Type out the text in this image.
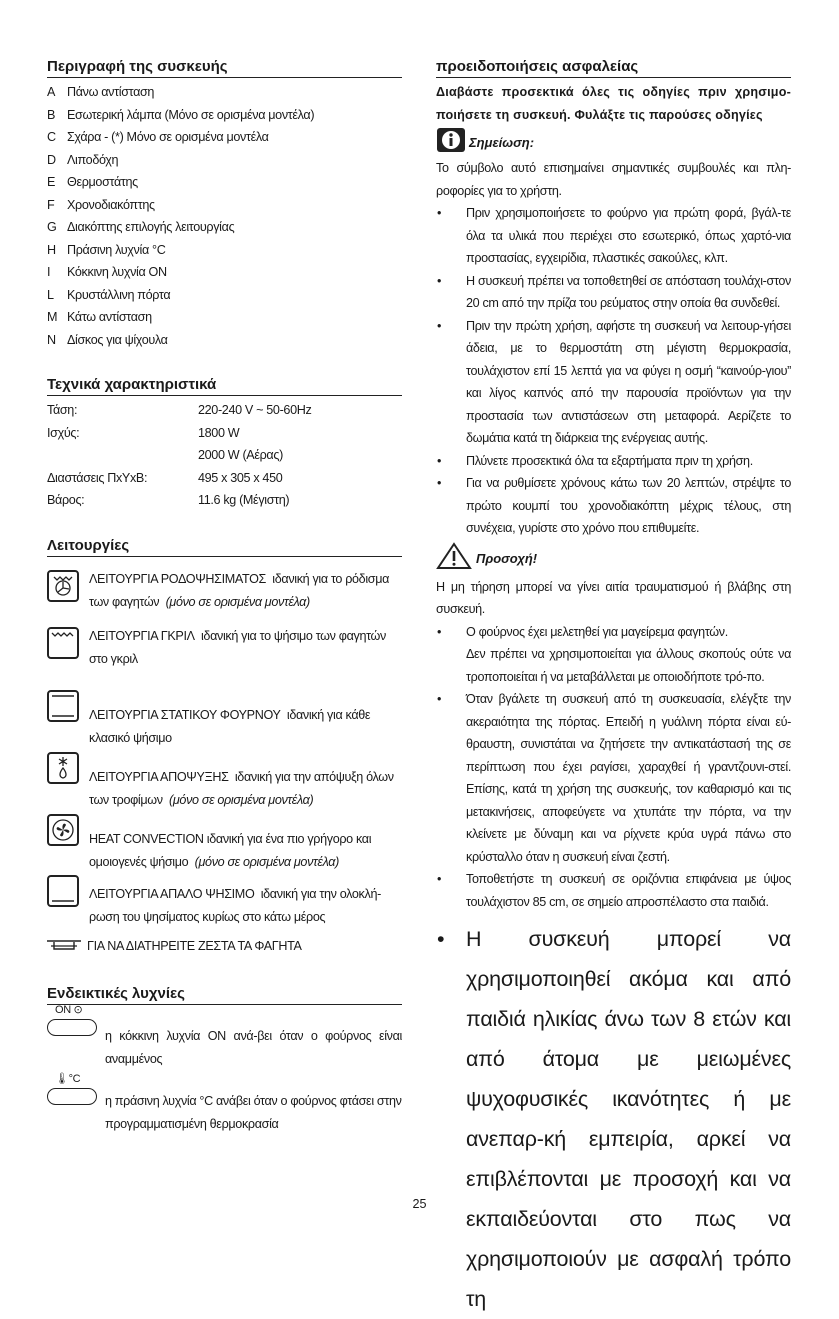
Περιγραφή της συσκευής
A Πάνω αντίσταση
B Εσωτερική λάμπα (Μόνο σε ορισμένα μοντέλα)
C Σχάρα - (*) Μόνο σε ορισμένα μοντέλα
D Λιποδόχη
E Θερμοστάτης
F	Χρονοδιακόπτης
G Διακόπτης επιλογής λειτουργίας
H Πράσινη λυχνία °C
I	Κόκκινη λυχνία ON
L	Κρυστάλλινη πόρτα
M Κάτω αντίσταση
N Δίσκος για ψίχουλα
Τεχνικά χαρακτηριστικά
Τάση:	220-240 V ~ 50-60Hz
Ισχύς:	1800 W
2000 W (Αέρας)
Διαστάσεις ΠxΥxB:	495 x 305 x 450
Βάρος:	11.6 kg (Μέγιστη)
Λειτουργίες
ΛΕΙΤΟΥΡΓΙΑ ΡΟΔΟΨΗΣΙΜΑΤΟΣ ιδανική για το ρόδισμα των φαγητών (μόνο σε ορισμένα μοντέλα)
ΛΕΙΤΟΥΡΓΙΑ ΓΚΡΙΛ ιδανική για το ψήσιμο των φαγητών στο γκριλ
ΛΕΙΤΟΥΡΓΙΑ ΣΤΑΤΙΚΟΥ ΦΟΥΡΝΟΥ ιδανική για κάθε κλασικό ψήσιμο
ΛΕΙΤΟΥΡΓΙΑ ΑΠΟΨΥΞΗΣ ιδανική για την απόψυξη όλων των τροφίμων (μόνο σε ορισμένα μοντέλα)
HEAT CONVECTION ιδανική για ένα πιο γρήγορο και ομοιογενές ψήσιμο (μόνο σε ορισμένα μοντέλα)
ΛΕΙΤΟΥΡΓΙΑ ΑΠΑΛΟ ΨΗΣΙΜΟ ιδανική για την ολοκλή-ρωση του ψησίματος κυρίως στο κάτω μέρος
ΓΙΑ ΝΑ ΔΙΑΤΗΡΕΙΤΕ ΖΕΣΤΑ ΤΑ ΦΑΓΗΤΑ
Ενδεικτικές λυχνίες
ON ⊙
η κόκκινη λυχνία ON ανά-βει όταν ο φούρνος είναι αναμμένος
🌡°C
η πράσινη λυχνία °C ανάβει όταν ο φούρνος φτάσει στην προγραμματισμένη θερμοκρασία
προειδοποιήσεις ασφαλείας
Διαβάστε προσεκτικά όλες τις οδηγίες πριν χρησιμο-ποιήσετε τη συσκευή. Φυλάξτε τις παρούσες οδηγίες
Σημείωση:
Το σύμβολο αυτό επισημαίνει σημαντικές συμβουλές και πλη-ροφορίες για το χρήστη.
• Πριν χρησιμοποιήσετε το φούρνο για πρώτη φορά, βγάλ-τε όλα τα υλικά που περιέχει στο εσωτερικό, όπως χαρτό-νια προστασίας, εγχειρίδια, πλαστικές σακούλες, κλπ.
• Η συσκευή πρέπει να τοποθετηθεί σε απόσταση τουλάχι-στον 20 cm από την πρίζα του ρεύματος στην οποία θα συνδεθεί.
• Πριν την πρώτη χρήση, αφήστε τη συσκευή να λειτουρ-γήσει άδεια, με το θερμοστάτη στη μέγιστη θερμοκρασία, τουλάχιστον επί 15 λεπτά για να φύγει η οσμή “καινούρ-γιου” και λίγος καπνός από την παρουσία προϊόντων για την προστασία των αντιστάσεων στη μεταφορά. Αερίζετε το δωμάτια κατά τη διάρκεια της ενέργειας αυτής.
• Πλύνετε προσεκτικά όλα τα εξαρτήματα πριν τη χρήση.
• Για να ρυθμίσετε χρόνους κάτω των 20 λεπτών, στρέψτε το πρώτο κουμπί του χρονοδιακόπτη μέχρις τέλους, στη συνέχεια, γυρίστε στο χρόνο που επιθυμείτε.
Προσοχή!
Η μη τήρηση μπορεί να γίνει αιτία τραυματισμού ή βλάβης στη συσκευή.
• Ο φούρνος έχει μελετηθεί για μαγείρεμα φαγητών.
Δεν πρέπει να χρησιμοποιείται για άλλους σκοπούς ούτε να τροποποιείται ή να μεταβάλλεται με οποιοδήποτε τρό-πο.
• Όταν βγάλετε τη συσκευή από τη συσκευασία, ελέγξτε την ακεραιότητα της πόρτας. Επειδή η γυάλινη πόρτα είναι εύ-θραυστη, συνιστάται να ζητήσετε την αντικατάστασή της σε περίπτωση που έχει ραγίσει, χαραχθεί ή γραντζουνι-στεί. Επίσης, κατά τη χρήση της συσκευής, τον καθαρισμό και τις μετακινήσεις, αποφεύγετε να χτυπάτε την πόρτα, να την κλείνετε με δύναμη και να ρίχνετε κρύα υγρά πάνω στο κρύσταλλο όταν η συσκευή είναι ζεστή.
• Τοποθετήστε τη συσκευή σε οριζόντια επιφάνεια με ύψος τουλάχιστον 85 cm, σε σημείο απροσπέλαστο στα παιδιά.
• Η συσκευή μπορεί να χρησιμοποιηθεί ακόμα και από παιδιά ηλικίας άνω των 8 ετών και από άτομα με μειωμένες ψυχοφυσικές ικανότητες ή με ανεπαρ-κή εμπειρία, αρκεί να επιβλέπονται με προσοχή και να εκπαιδεύονται στο πως να χρησιμοποιούν με ασφαλή τρόπο τη
25
